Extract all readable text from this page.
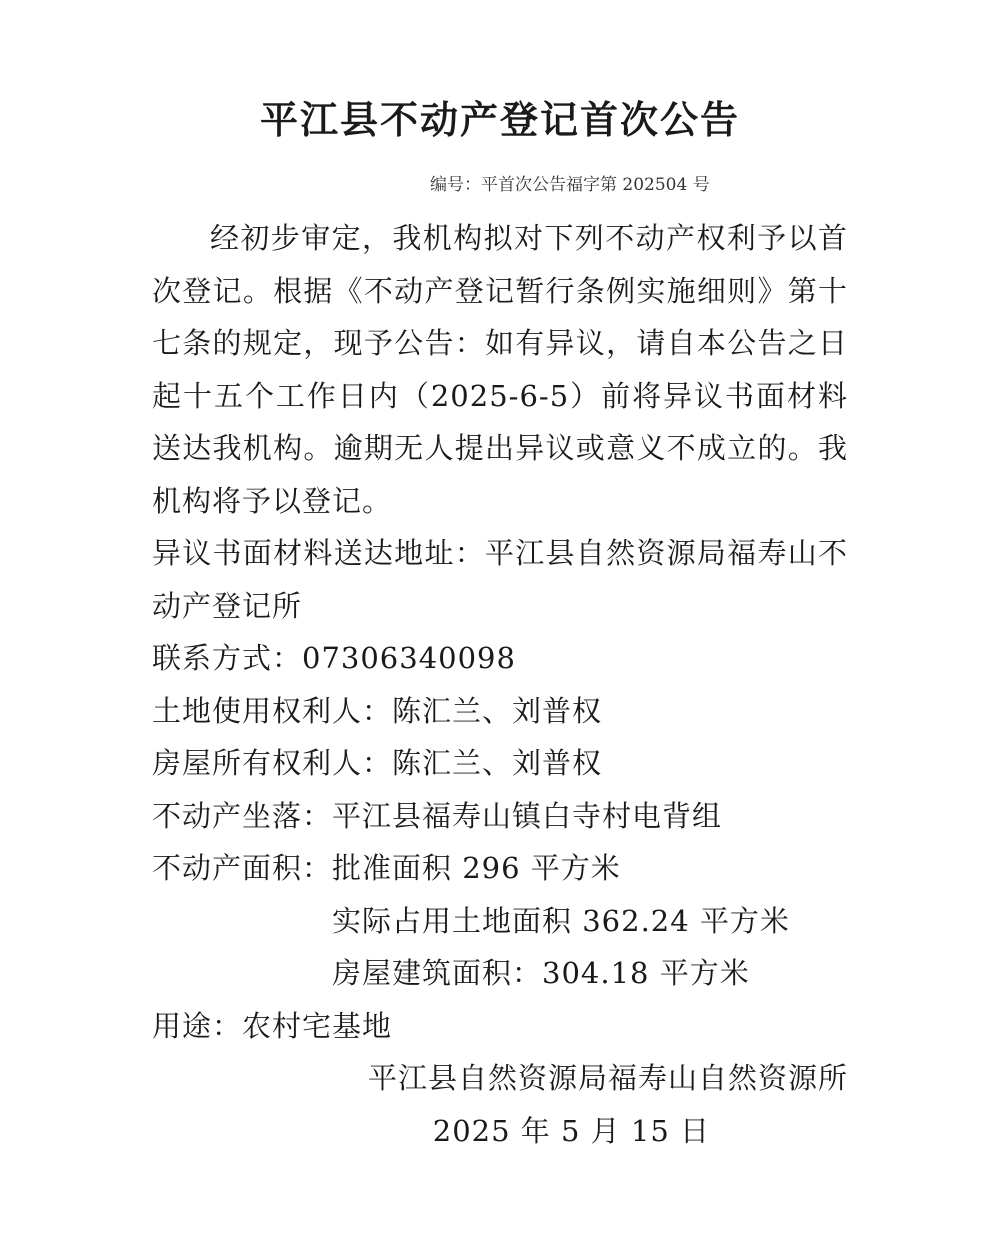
平江县不动产登记首次公告
编号：平首次公告福字第 202504 号

经初步审定，我机构拟对下列不动产权利予以首次登记。根据《不动产登记暂行条例实施细则》第十七条的规定，现予公告：如有异议，请自本公告之日起十五个工作日内（2025-6-5）前将异议书面材料送达我机构。逾期无人提出异议或意义不成立的。我机构将予以登记。

异议书面材料送达地址：平江县自然资源局福寿山不动产登记所

联系方式：07306340098

土地使用权利人：陈汇兰、刘普权

房屋所有权利人：陈汇兰、刘普权

不动产坐落：平江县福寿山镇白寺村电背组

不动产面积：批准面积 296 平方米

实际占用土地面积 362.24 平方米

房屋建筑面积：304.18 平方米

用途：农村宅基地

平江县自然资源局福寿山自然资源所

2025 年 5 月 15 日
